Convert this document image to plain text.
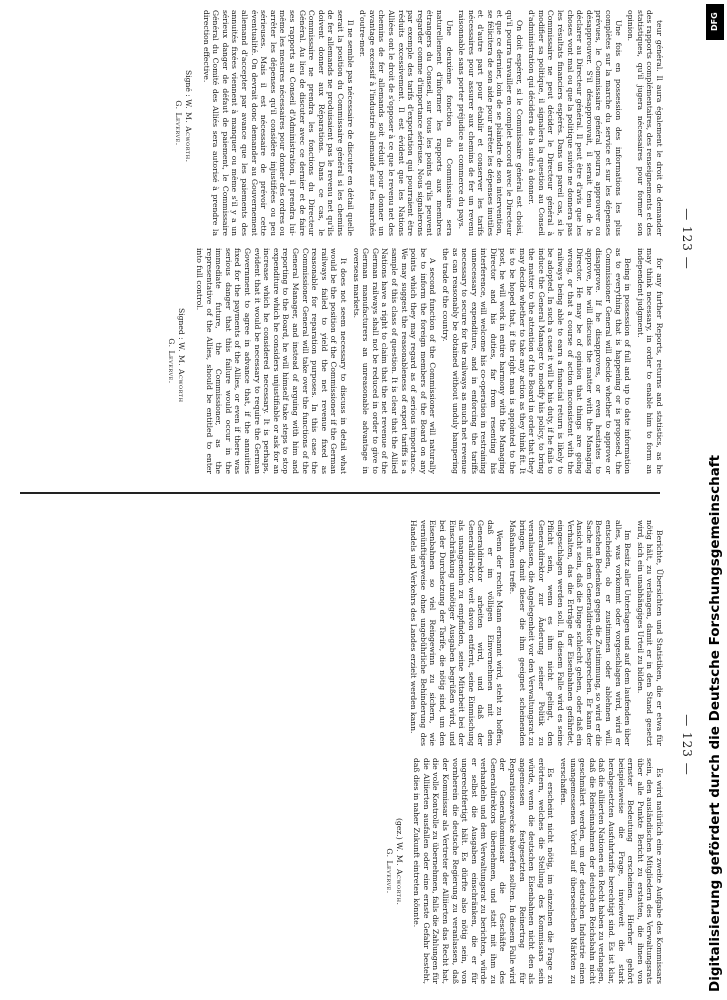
— 123 —

teur général. Il aura également le droit de demander des rapports complémentaires, des renseignements et des statistiques, qu'il jugera nécessaires pour former son opinion.

Une fois en possession des informations les plus complètes sur la marche du service et sur les dépenses prévues, le Commissaire général pourra approuver ou désapprouver. S'il désapprouvait, il serait tenu de le déclarer au Directeur général. Il peut être d'avis que les choses vont mal ou que la politique suivie ne donnera pas les résultats financiers espérés. Dans un pareil cas, si le Commissaire ne peut décider le Directeur général à modifier sa politique, il signalera la question au Conseil d'administration qui décidera de la suite à donner.

On doit espérer, si le Commissaire général est choisi, qu'il pourra travailler en complet accord avec le Directeur et que ce dernier, loin de se plaindre de son intervention, se félicitera de son aide pour arrêter les dépenses inutiles et d'autre part pour établir et conserver les tarifs nécessaires pour assurer aux chemins de fer un revenu raisonnable sans porter préjudice au commerce du pays.

Une deuxième fonction du Commissaire sera naturellement d'informer les rapports aux membres étrangers du Conseil, sur tous les points qu'ils peuvent regarder comme d'importance sérieuse. Nous signalerons par exemple des tarifs d'exportation qui pourraient être réduits excessivement. Il est évident que les Nations Alliées ont le droit de s'opposer à ce que le revenu net des chemins de fer allemands soit réduit pour donner un avantage excessif à l'industrie allemande sur les marchés d'outre-mer.

Il ne semble pas nécessaire de discuter en détail quelle serait la position du Commissaire général si les chemins de fer allemands ne produisaient pas le revenu net qu'ils doivent donner aux Réparations. Dans ce cas, le Commissaire ne prendra les fonctions du Directeur Général. Au lieu de discuter avec ce dernier et de faire ses rapports au Conseil d'Administration, il prendra lui-même les mesures nécessaires pour donner des ordres ou arrêter les dépenses qu'il considère injustifiées ou peu sérieuses. Mais il est nécessaire de prévoir cette éventualité. On devrait donc demander au Gouvernement allemand d'accepter par avance que les paiements des annuités fixées viennent à manquer ou même s'il y a un sérieux danger de défaut de paiement, le Commissaire Général du Comité des Alliés sera autorisé à prendre la direction effective.

Signé : W. M. Acworth.
G. Leverve.

for any further Reports, returns and statistics, as he may think necessary, in order to enable him to form an independent judgment.

Being in possession of full and up to date information as to everything that is happening or is proposed, the Commissioner General will decide whether to approve or disapprove. If he disapproves, or even hesitates to approve, he will discuss the matter with the Managing Director. He may be of opinion that things are going wrong, or that a course of action inconsistent with the railways being able to earn a financial return is likely to be adopted. In such a case it will be his duty, if he fails to induce the General Manager to modify his policy, to bring the matter to the attention of the Board in order that they may decide whether to take any action as they think fit. It is to be hoped that, if the right man is appointed to the post, he will work in entire harmony with the Managing Director and his duties, far from resenting his interference, will welcome his co-operation in restraining unnecessary expenditure, and in enforcing the tariffs necessary to secure for the railways as much net revenue as can reasonably be obtained without unduly hampering the trade of the country.

A second function of the Commissioner will naturally be to inform the foreign members of the Board on any points which they may regard as of serious importance. We may suggest the reasonableness of export tariffs is a sample of this class of question. It is clear that the Allied Nations have a right to claim that the net revenue of the German railways shall not be reduced in order to give to German manufacturers an unreasonable advantage in overseas markets.

It does not seem necessary to discuss in detail what would be the position of the Commissioner if the German railways failed to yield the net revenue fixed as reasonable for reparation purposes. In this case the Commissioner General will take over the functions of the General Manager, and instead of arguing with him and reporting to the Board, he will himself take steps to stop expenditure which he considers unjustifiable or ask for an increase which he considered necessary. It is perhaps, evident that it would be necessary to require the German Government to agree in advance that, if the annuities fixed for the payments of the Allies, or even if there was serious danger that this failure would occur in the immediate future, the Commissioner, as the representative of the Allies, should be entitled to enter into full control.

Signed : W. M. Acworth
G. Leverve.
— 123 —

Berichte, Übersichten und Statistiken, die er etwa für nötig hält, zu verlangen, damit er in den Stand gesetzt wird, sich ein unabhängiges Urteil zu bilden.

Im Besitz aller Unterlagen und auf dem laufenden über alles, was vorkommt oder vorgeschlagen wird, wird er entscheiden, ob er zustimmen oder ablehnen will. Bestehen Bedenken gegen die Zustimmung, so wird er die Sache mit dem Generaldirektor besprechen. Er kann der Ansicht sein, daß die Dinge schlecht gehen, oder daß ein Verhalten, das die Erträge der Eisenbahnen gefährdet, eingeschlagen werden soll. In diesem Falle wird es seine Pflicht sein, wenn es ihm nicht gelingt, den Generaldirektor zur Änderung seiner Politik zu veranlassen, die Angelegenheit vor den Verwaltungsrat zu bringen, damit dieser die ihm geeignet scheinenden Maßnahmen treffe.

Wenn der rechte Mann ernannt wird, steht zu hoffen, daß er im völligen Einvernehmen mit dem Generaldirektor arbeiten wird, und daß der Generaldirektor, weit davon entfernt, seine Einmischung als unangenehm zu empfinden, seine Mitarbeit bei der Einschränkung unnötiger Ausgaben begrüßen wird, und bei der Durchsetzung der Tarife, die nötig sind, um den Eisenbahnen so viel Reingewinn zu sichern, wie vernünftigerweise ohne ungebührliche Behinderung des Handels und Verkehrs des Landes erzielt werden kann.

Es wird natürlich eine zweite Aufgabe des Kommissars sein, den ausländischen Mitgliedern des Verwaltungsrats über alle Punkte Bericht zu erstatten, die ihnen von ernster Bedeutung erscheinen. Hierher gehört beispielsweise die Frage, inwieweit die stark herabgesetzten Ausfuhrtarife berechtigt sind. Es ist klar, daß die alliierten Nationen ein Recht haben zu verlangen, daß die Reineinnahmen der deutschen Reichsbahn nicht geschmälert werden, um der deutschen Industrie einen unangemessenen Vorteil auf überseeischen Märkten zu verschaffen.

Es erscheint nicht nötig, im einzelnen die Frage zu erörtern, welches die Stellung des Kommissars sein würde, wenn die deutschen Eisenbahnen nicht den als angemessen festgesetzten Reinertrag für Reparationszwecke abwerfen sollten. In diesem Falle wird der Generalkommissar die Geschäfte des Generaldirektors übernehmen, und statt mit ihm zu verhandeln und dem Verwaltungsrat zu berichten, würde er selbst die Ausgaben einschränken, die er für ungerechtfertigt hält. Es dürfte also nötig sein, von vornherein die deutsche Regierung zu veranlassen, daß der Kommissar als Vertreter der Alliierten das Recht hat, die volle Kontrolle zu übernehmen, falls die Zahlungen für die Alliierten ausfallen oder eine ernste Gefahr besteht, daß dies in naher Zukunft eintreten könnte.

(gez.) W. M. Acworth.
G. Leverve.
DFG
Digitalisierung gefördert durch die Deutsche Forschungsgemeinschaft
